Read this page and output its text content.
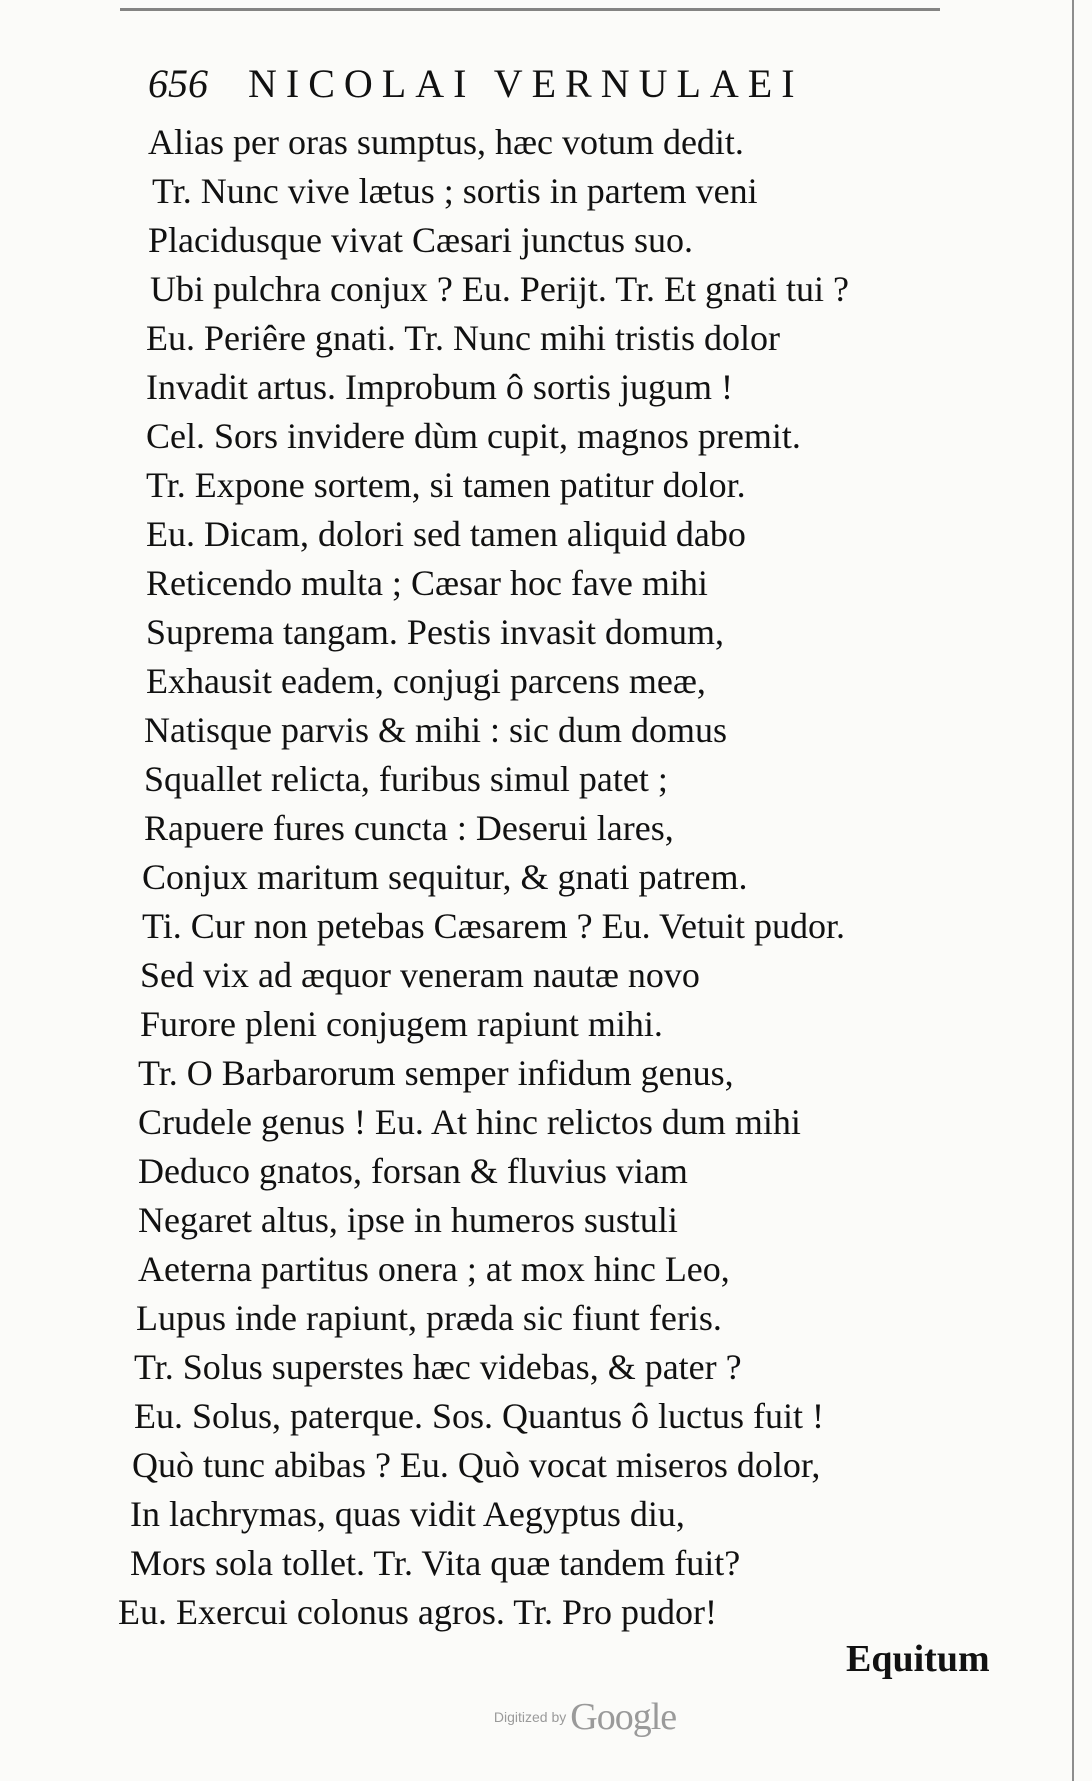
656 NICOLAI VERNULAEI
Alias per oras sumptus, hæc votum dedit.
Tr. Nunc vive lætus ; sortis in partem veni
Placidusque vivat Cæsari junctus suo.
Ubi pulchra conjux ? Eu. Perijt. Tr. Et gnati tui ?
Eu. Periêre gnati. Tr. Nunc mihi tristis dolor
Invadit artus. Improbum ô sortis jugum !
Cel. Sors invidere dùm cupit, magnos premit.
Tr. Expone sortem, si tamen patitur dolor.
Eu. Dicam, dolori sed tamen aliquid dabo
Reticendo multa ; Cæsar hoc fave mihi
Suprema tangam. Pestis invasit domum,
Exhausit eadem, conjugi parcens meæ,
Natisque parvis & mihi : sic dum domus
Squallet relicta, furibus simul patet ;
Rapuere fures cuncta : Deserui lares,
Conjux maritum sequitur, & gnati patrem.
Ti. Cur non petebas Cæsarem ? Eu. Vetuit pudor.
Sed vix ad æquor veneram nautæ novo
Furore pleni conjugem rapiunt mihi.
Tr. O Barbarorum semper infidum genus,
Crudele genus ! Eu. At hinc relictos dum mihi
Deduco gnatos, forsan & fluvius viam
Negaret altus, ipse in humeros sustuli
Aeterna partitus onera ; at mox hinc Leo,
Lupus inde rapiunt, præda sic fiunt feris.
Tr. Solus superstes hæc videbas, & pater ?
Eu. Solus, paterque. Sos. Quantus ô luctus fuit !
Quò tunc abibas ? Eu. Quò vocat miseros dolor,
In lachrymas, quas vidit Aegyptus diu,
Mors sola tollet. Tr. Vita quæ tandem fuit?
Eu. Exercui colonus agros. Tr. Pro pudor!
Equitum
Digitized by Google
